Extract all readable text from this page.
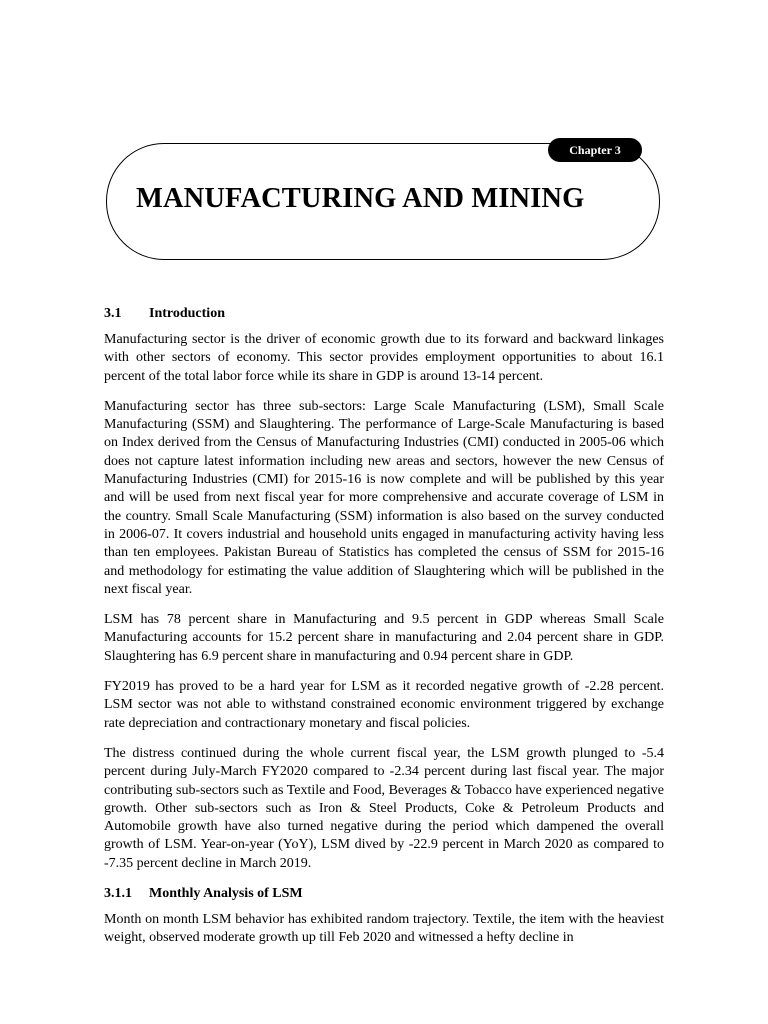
Chapter 3
MANUFACTURING AND MINING
3.1 Introduction

Manufacturing sector is the driver of economic growth due to its forward and backward linkages with other sectors of economy. This sector provides employment opportunities to about 16.1 percent of the total labor force while its share in GDP is around 13-14 percent.

Manufacturing sector has three sub-sectors: Large Scale Manufacturing (LSM), Small Scale Manufacturing (SSM) and Slaughtering. The performance of Large-Scale Manufacturing is based on Index derived from the Census of Manufacturing Industries (CMI) conducted in 2005-06 which does not capture latest information including new areas and sectors, however the new Census of Manufacturing Industries (CMI) for 2015-16 is now complete and will be published by this year and will be used from next fiscal year for more comprehensive and accurate coverage of LSM in the country. Small Scale Manufacturing (SSM) information is also based on the survey conducted in 2006-07. It covers industrial and household units engaged in manufacturing activity having less than ten employees. Pakistan Bureau of Statistics has completed the census of SSM for 2015-16 and methodology for estimating the value addition of Slaughtering which will be published in the next fiscal year.

LSM has 78 percent share in Manufacturing and 9.5 percent in GDP whereas Small Scale Manufacturing accounts for 15.2 percent share in manufacturing and 2.04 percent share in GDP. Slaughtering has 6.9 percent share in manufacturing and 0.94 percent share in GDP.

FY2019 has proved to be a hard year for LSM as it recorded negative growth of -2.28 percent. LSM sector was not able to withstand constrained economic environment triggered by exchange rate depreciation and contractionary monetary and fiscal policies.

The distress continued during the whole current fiscal year, the LSM growth plunged to -5.4 percent during July-March FY2020 compared to -2.34 percent during last fiscal year. The major contributing sub-sectors such as Textile and Food, Beverages & Tobacco have experienced negative growth. Other sub-sectors such as Iron & Steel Products, Coke & Petroleum Products and Automobile growth have also turned negative during the period which dampened the overall growth of LSM. Year-on-year (YoY), LSM dived by -22.9 percent in March 2020 as compared to -7.35 percent decline in March 2019.

3.1.1 Monthly Analysis of LSM

Month on month LSM behavior has exhibited random trajectory. Textile, the item with the heaviest weight, observed moderate growth up till Feb 2020 and witnessed a hefty decline in
